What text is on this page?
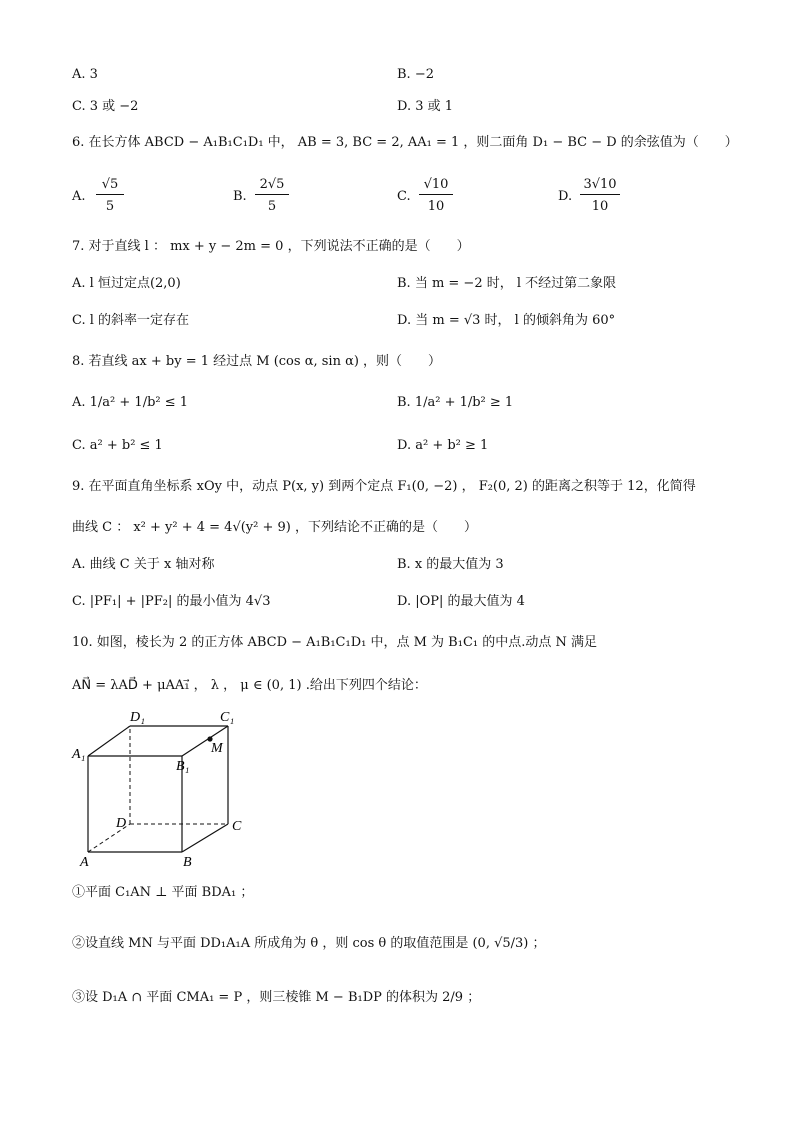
A. 3	B. −2
C. 3 或 −2	D. 3 或 1
6. 在长方体 ABCD − A₁B₁C₁D₁ 中， AB = 3, BC = 2, AA₁ = 1 ，则二面角 D₁ − BC − D 的余弦值为（　　）
A.
√5
5
B.
2√5
5
C.
√10
10
D.
3√10
10
7. 对于直线 l ： mx + y − 2m = 0 ，下列说法不正确的是（　　）
A. l 恒过定点(2,0)	B. 当 m = −2 时， l 不经过第二象限
C. l 的斜率一定存在	D. 当 m = √3 时， l 的倾斜角为 60°
8. 若直线 ax + by = 1 经过点 M (cos α, sin α) ，则（　　）
A. 1/a² + 1/b² ≤ 1	B. 1/a² + 1/b² ≥ 1
C. a² + b² ≤ 1	D. a² + b² ≥ 1
9. 在平面直角坐标系 xOy 中，动点 P(x, y) 到两个定点 F₁(0, −2) ， F₂(0, 2) 的距离之积等于 12，化简得
曲线 C ： x² + y² + 4 = 4√(y² + 9) ，下列结论不正确的是（　　）
A. 曲线 C 关于 x 轴对称	B. x 的最大值为 3
C. |PF₁| + |PF₂| 的最小值为 4√3	D. |OP| 的最大值为 4
10. 如图，棱长为 2 的正方体 ABCD − A₁B₁C₁D₁ 中，点 M 为 B₁C₁ 的中点.动点 N 满足
AN⃗ = λAD⃗ + μAA₁⃗ ， λ ， μ ∈ (0, 1) .给出下列四个结论：
A	B
C
D
A₁
B₁
C₁
D₁
M
①平面 C₁AN ⊥ 平面 BDA₁ ；
②设直线 MN 与平面 DD₁A₁A 所成角为 θ ，则 cos θ 的取值范围是 (0, √5/3) ；
③设 D₁A ∩ 平面 CMA₁ = P ，则三棱锥 M − B₁DP 的体积为 2/9 ；
